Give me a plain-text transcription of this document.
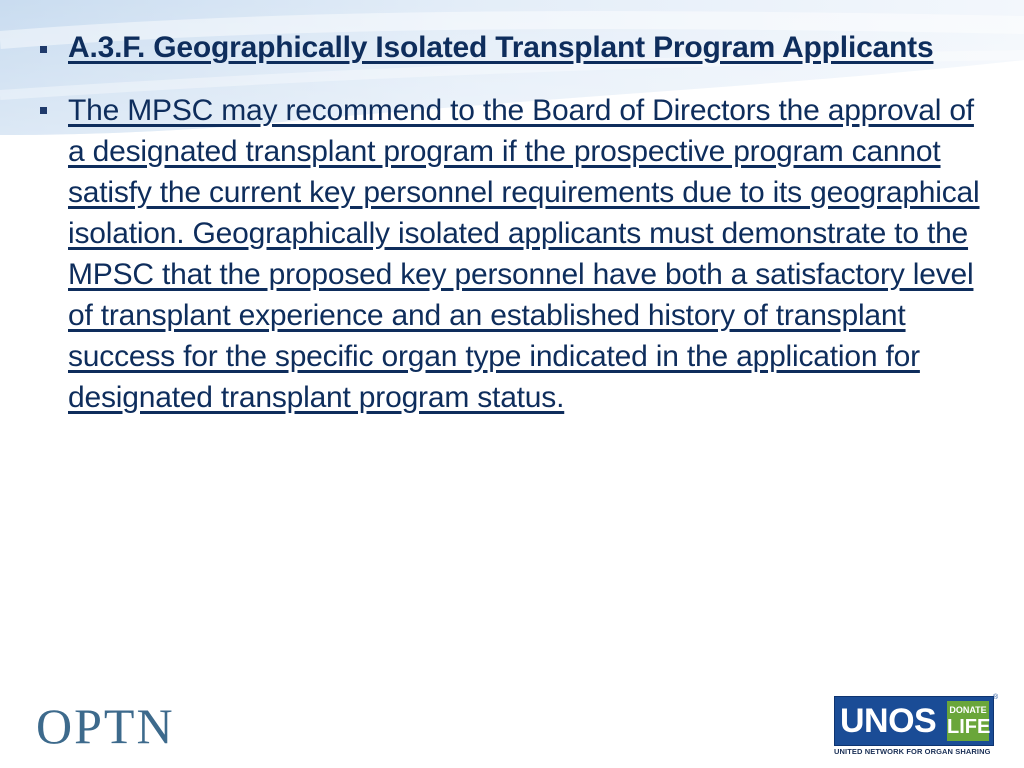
A.3.F. Geographically Isolated Transplant Program Applicants
The MPSC may recommend to the Board of Directors the approval of a designated transplant program if the prospective program cannot satisfy the current key personnel requirements due to its geographical isolation. Geographically isolated applicants must demonstrate to the MPSC that the proposed key personnel have both a satisfactory level of transplant experience and an established history of transplant success for the specific organ type indicated in the application for designated transplant program status.
OPTN	UNOS DONATE
LIFE
®
UNITED NETWORK FOR ORGAN SHARING
